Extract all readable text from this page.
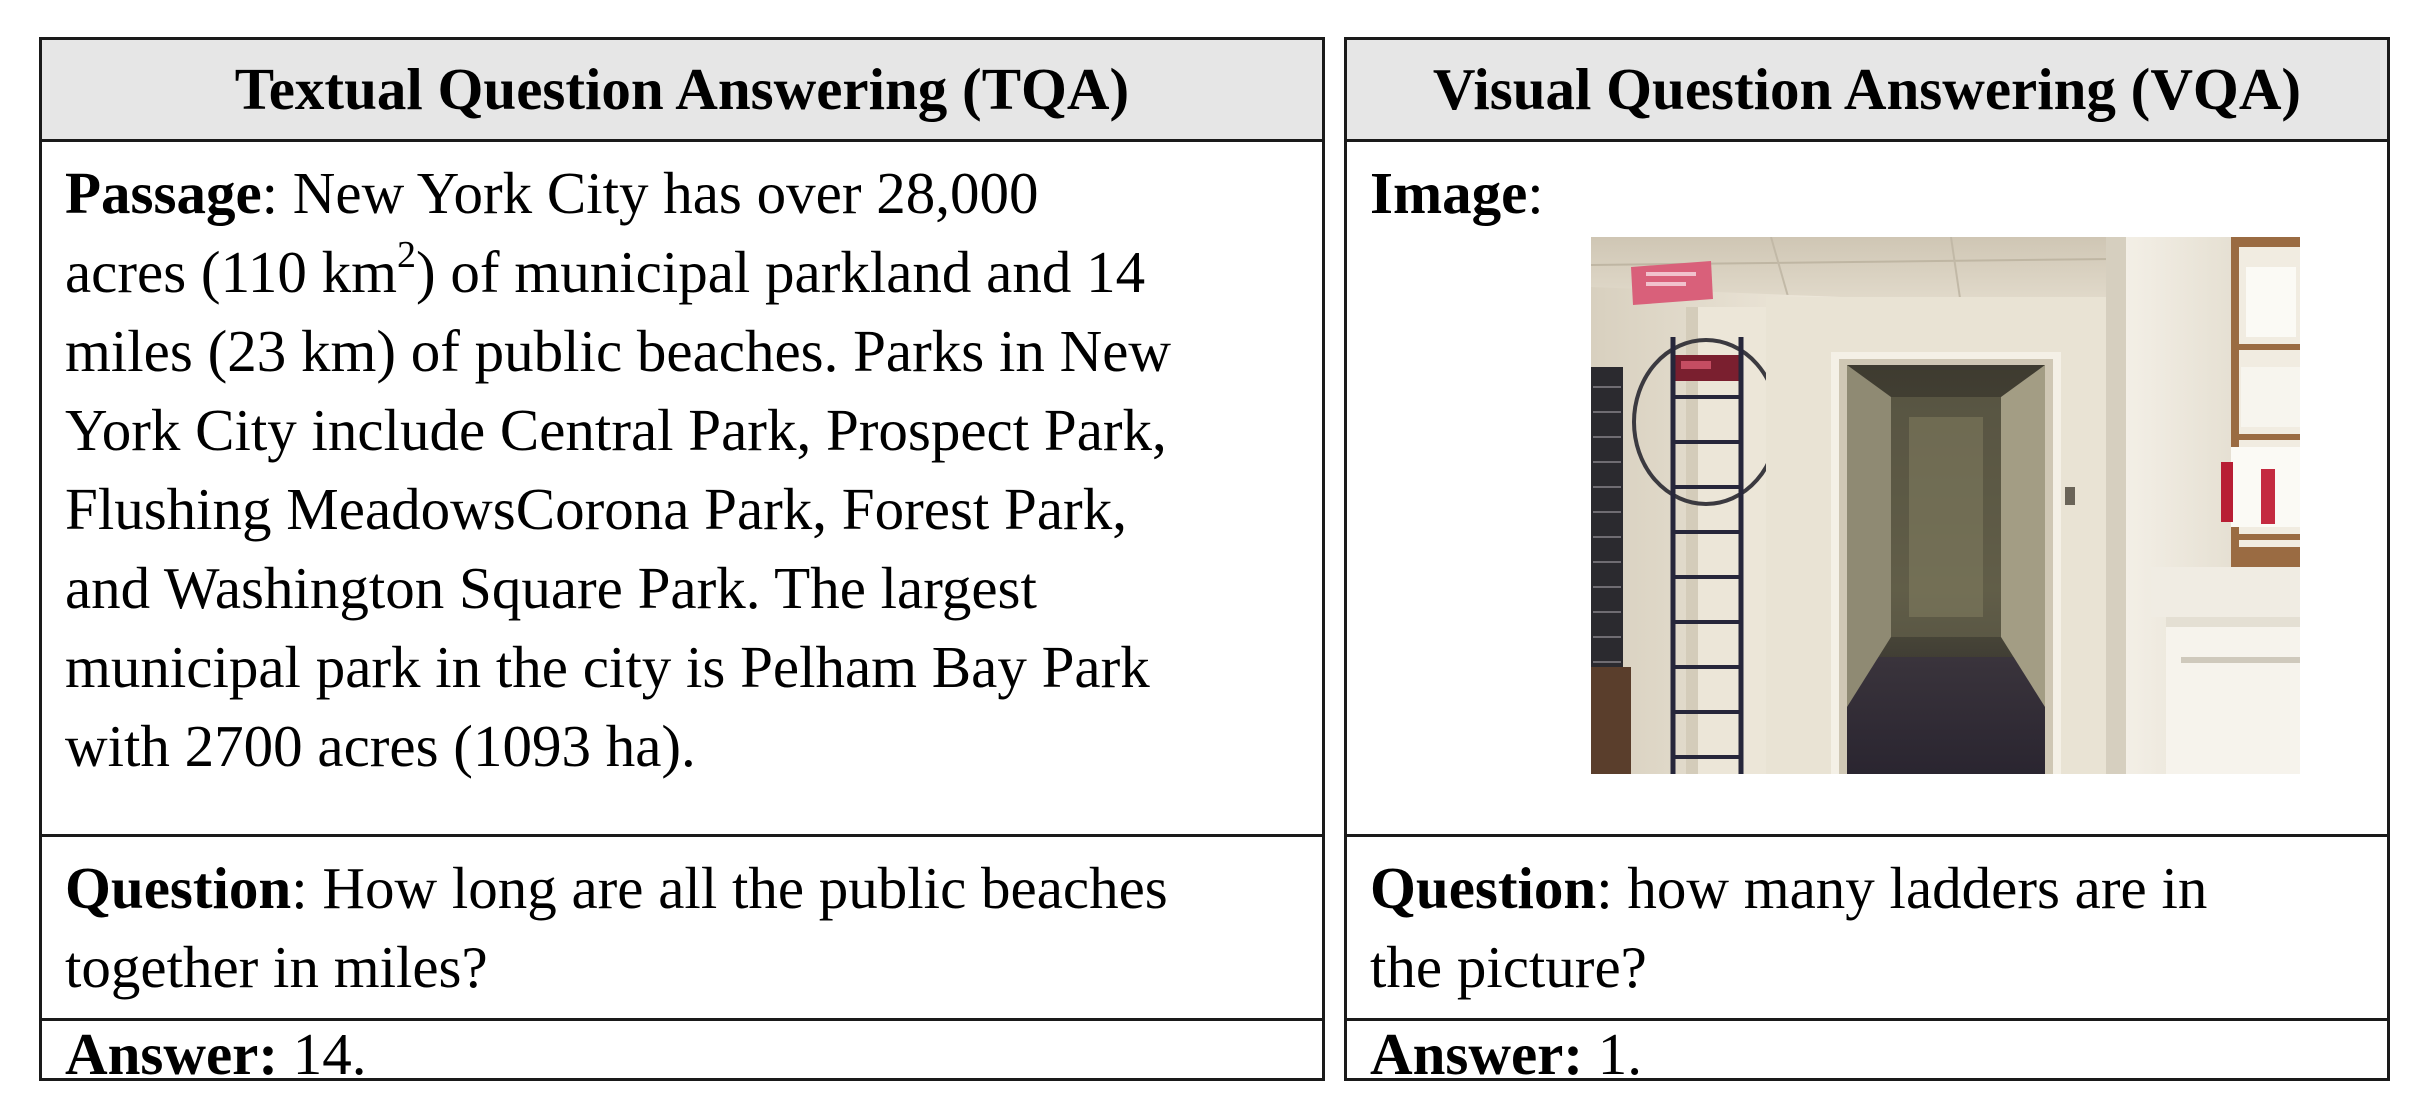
Textual Question Answering (TQA)
Passage: New York City has over 28,000
acres (110 $km^2$) of municipal parkland and 14
miles (23 km) of public beaches. Parks in New
York City include Central Park, Prospect Park,
Flushing MeadowsCorona Park, Forest Park,
and Washington Square Park. The largest
municipal park in the city is Pelham Bay Park
with 2700 acres (1093 ha).
Question: How long are all the public beaches
together in miles?
Answer: 14.
Visual Question Answering (VQA)
Image:
Question: how many ladders are in
the picture?
Answer: 1.
